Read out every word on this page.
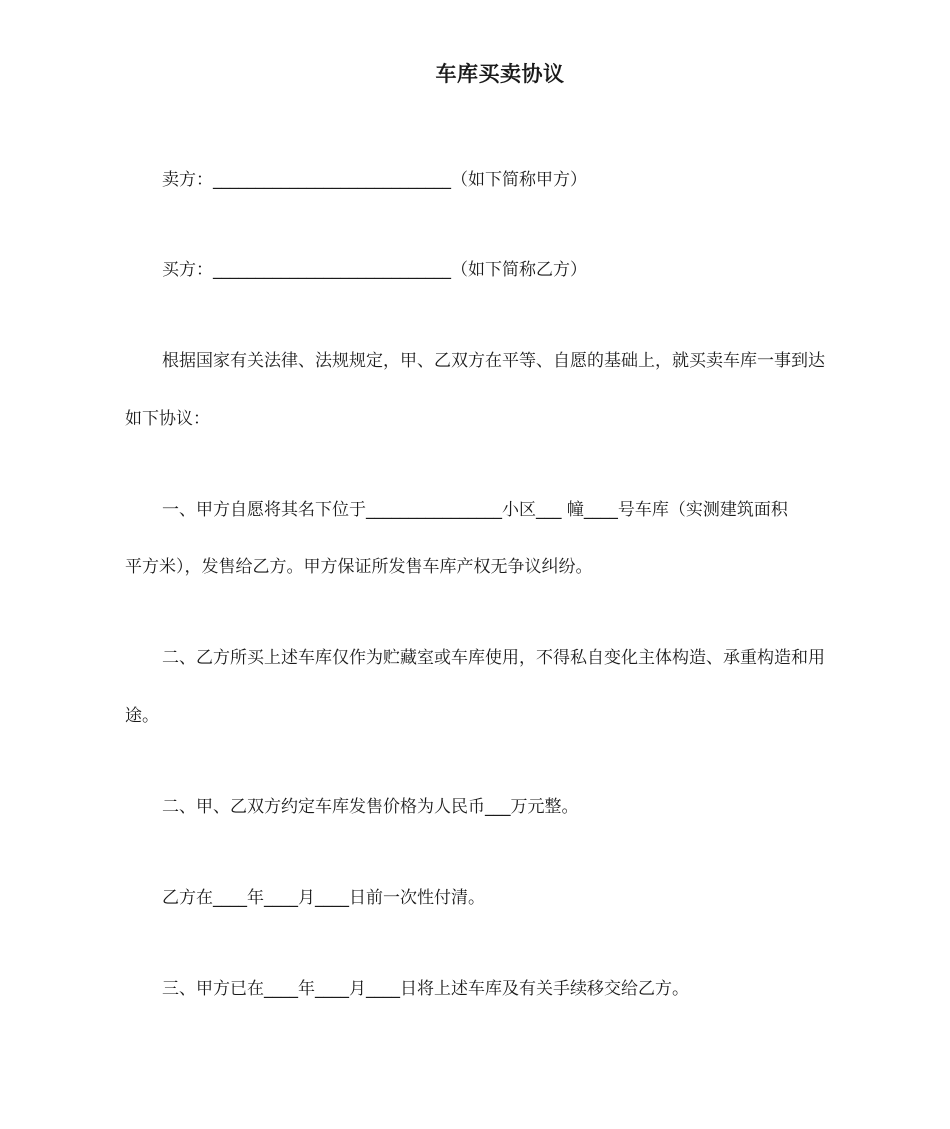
车库买卖协议
卖方：____________________________（如下简称甲方）
买方：____________________________（如下简称乙方）
根据国家有关法律、法规规定，甲、乙双方在平等、自愿的基础上，就买卖车库一事到达
如下协议：
一、甲方自愿将其名下位于________________小区___ 幢____号车库（实测建筑面积
平方米），发售给乙方。甲方保证所发售车库产权无争议纠纷。
二、乙方所买上述车库仅作为贮藏室或车库使用，不得私自变化主体构造、承重构造和用
途。
二、甲、乙双方约定车库发售价格为人民币___万元整。
乙方在____年____月____日前一次性付清。
三、甲方已在____年____月____日将上述车库及有关手续移交给乙方。
